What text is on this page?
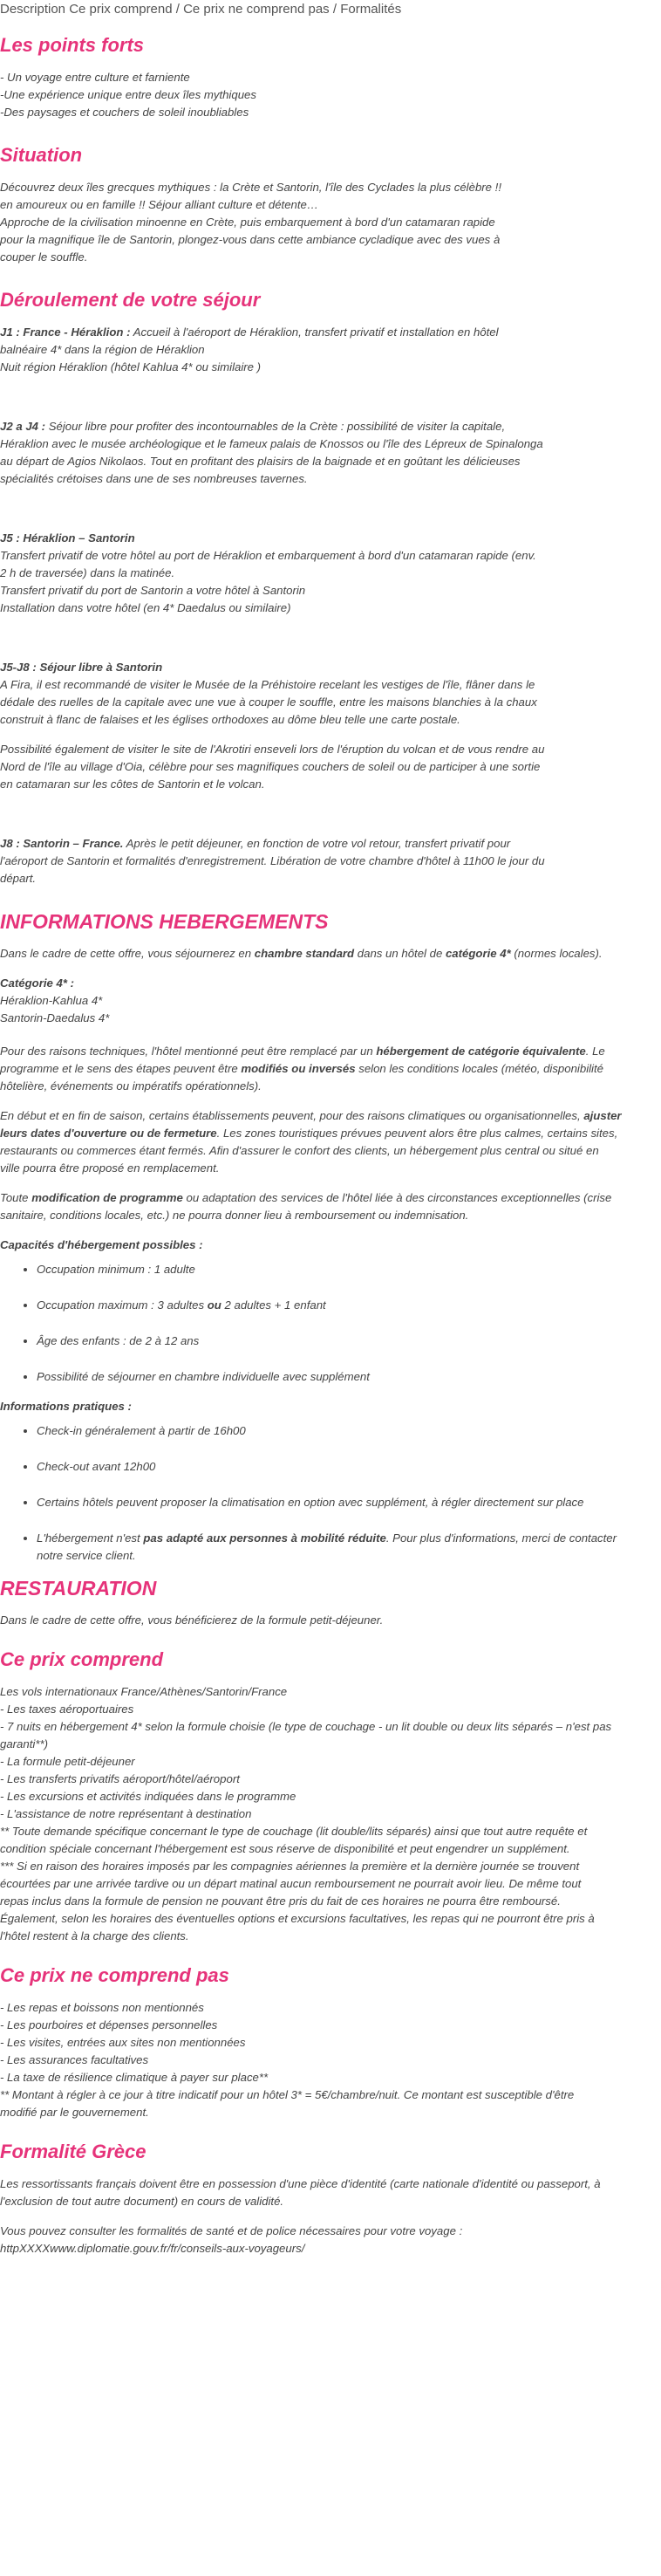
Description Ce prix comprend / Ce prix ne comprend pas / Formalités
Les points forts
- Un voyage entre culture et farniente
-Une expérience unique entre deux îles mythiques
-Des paysages et couchers de soleil inoubliables
Situation
Découvrez deux îles grecques mythiques : la Crète et Santorin, l'île des Cyclades la plus célèbre !!
en amoureux ou en famille !! Séjour alliant culture et détente…
Approche de la civilisation minoenne en Crète, puis embarquement à bord d'un catamaran rapide
pour la magnifique île de Santorin, plongez-vous dans cette ambiance cycladique avec des vues à
couper le souffle.
Déroulement de votre séjour
J1 : France - Héraklion : Accueil à l'aéroport de Héraklion, transfert privatif et installation en hôtel
balnéaire 4* dans la région de Héraklion
Nuit région Héraklion (hôtel Kahlua 4* ou similaire )
J2 a J4 : Séjour libre pour profiter des incontournables de la Crète : possibilité de visiter la capitale,
Héraklion avec le musée archéologique et le fameux palais de Knossos ou l'île des Lépreux de Spinalonga
au départ de Agios Nikolaos. Tout en profitant des plaisirs de la baignade et en goûtant les délicieuses
spécialités crétoises dans une de ses nombreuses tavernes.
J5 : Héraklion – Santorin
Transfert privatif de votre hôtel au port de Héraklion et embarquement à bord d'un catamaran rapide (env.
2 h de traversée) dans la matinée.
Transfert privatif du port de Santorin a votre hôtel à Santorin
Installation dans votre hôtel (en 4* Daedalus ou similaire)
J5-J8 : Séjour libre à Santorin
A Fira, il est recommandé de visiter le Musée de la Préhistoire recelant les vestiges de l'île, flâner dans le
dédale des ruelles de la capitale avec une vue à couper le souffle, entre les maisons blanchies à la chaux
construit à flanc de falaises et les églises orthodoxes au dôme bleu telle une carte postale.
Possibilité également de visiter le site de l'Akrotiri enseveli lors de l'éruption du volcan et de vous rendre au
Nord de l'île au village d'Oia, célèbre pour ses magnifiques couchers de soleil ou de participer à une sortie
en catamaran sur les côtes de Santorin et le volcan.
J8 : Santorin – France. Après le petit déjeuner, en fonction de votre vol retour, transfert privatif pour
l'aéroport de Santorin et formalités d'enregistrement. Libération de votre chambre d'hôtel à 11h00 le jour du
départ.
INFORMATIONS HEBERGEMENTS
Dans le cadre de cette offre, vous séjournerez en chambre standard dans un hôtel de catégorie 4* (normes locales).
Catégorie 4* :
Héraklion-Kahlua 4*
Santorin-Daedalus 4*
Pour des raisons techniques, l'hôtel mentionné peut être remplacé par un hébergement de catégorie équivalente. Le
programme et le sens des étapes peuvent être modifiés ou inversés selon les conditions locales (météo, disponibilité
hôtelière, événements ou impératifs opérationnels).
En début et en fin de saison, certains établissements peuvent, pour des raisons climatiques ou organisationnelles, ajuster
leurs dates d'ouverture ou de fermeture. Les zones touristiques prévues peuvent alors être plus calmes, certains sites,
restaurants ou commerces étant fermés. Afin d'assurer le confort des clients, un hébergement plus central ou situé en
ville pourra être proposé en remplacement.
Toute modification de programme ou adaptation des services de l'hôtel liée à des circonstances exceptionnelles (crise
sanitaire, conditions locales, etc.) ne pourra donner lieu à remboursement ou indemnisation.
Capacités d'hébergement possibles :
• Occupation minimum : 1 adulte
• Occupation maximum : 3 adultes ou 2 adultes + 1 enfant
• Âge des enfants : de 2 à 12 ans
• Possibilité de séjourner en chambre individuelle avec supplément
Informations pratiques :
• Check-in généralement à partir de 16h00
• Check-out avant 12h00
• Certains hôtels peuvent proposer la climatisation en option avec supplément, à régler directement sur place
• L'hébergement n'est pas adapté aux personnes à mobilité réduite. Pour plus d'informations, merci de contacter
notre service client.
RESTAURATION
Dans le cadre de cette offre, vous bénéficierez de la formule petit-déjeuner.
Ce prix comprend
Les vols internationaux France/Athènes/Santorin/France
- Les taxes aéroportuaires
- 7 nuits en hébergement 4* selon la formule choisie (le type de couchage - un lit double ou deux lits séparés – n'est pas
garanti**)
- La formule petit-déjeuner
- Les transferts privatifs aéroport/hôtel/aéroport
- Les excursions et activités indiquées dans le programme
- L'assistance de notre représentant à destination
** Toute demande spécifique concernant le type de couchage (lit double/lits séparés) ainsi que tout autre requête et
condition spéciale concernant l'hébergement est sous réserve de disponibilité et peut engendrer un supplément.
*** Si en raison des horaires imposés par les compagnies aériennes la première et la dernière journée se trouvent
écourtées par une arrivée tardive ou un départ matinal aucun remboursement ne pourrait avoir lieu. De même tout
repas inclus dans la formule de pension ne pouvant être pris du fait de ces horaires ne pourra être remboursé.
Également, selon les horaires des éventuelles options et excursions facultatives, les repas qui ne pourront être pris à
l'hôtel restent à la charge des clients.
Ce prix ne comprend pas
- Les repas et boissons non mentionnés
- Les pourboires et dépenses personnelles
- Les visites, entrées aux sites non mentionnées
- Les assurances facultatives
- La taxe de résilience climatique à payer sur place**
** Montant à régler à ce jour à titre indicatif pour un hôtel 3* = 5€/chambre/nuit. Ce montant est susceptible d'être
modifié par le gouvernement.
Formalité Grèce
Les ressortissants français doivent être en possession d'une pièce d'identité (carte nationale d'identité ou passeport, à
l'exclusion de tout autre document) en cours de validité.
Vous pouvez consulter les formalités de santé et de police nécessaires pour votre voyage :
httpXXXXwww.diplomatie.gouv.fr/fr/conseils-aux-voyageurs/
